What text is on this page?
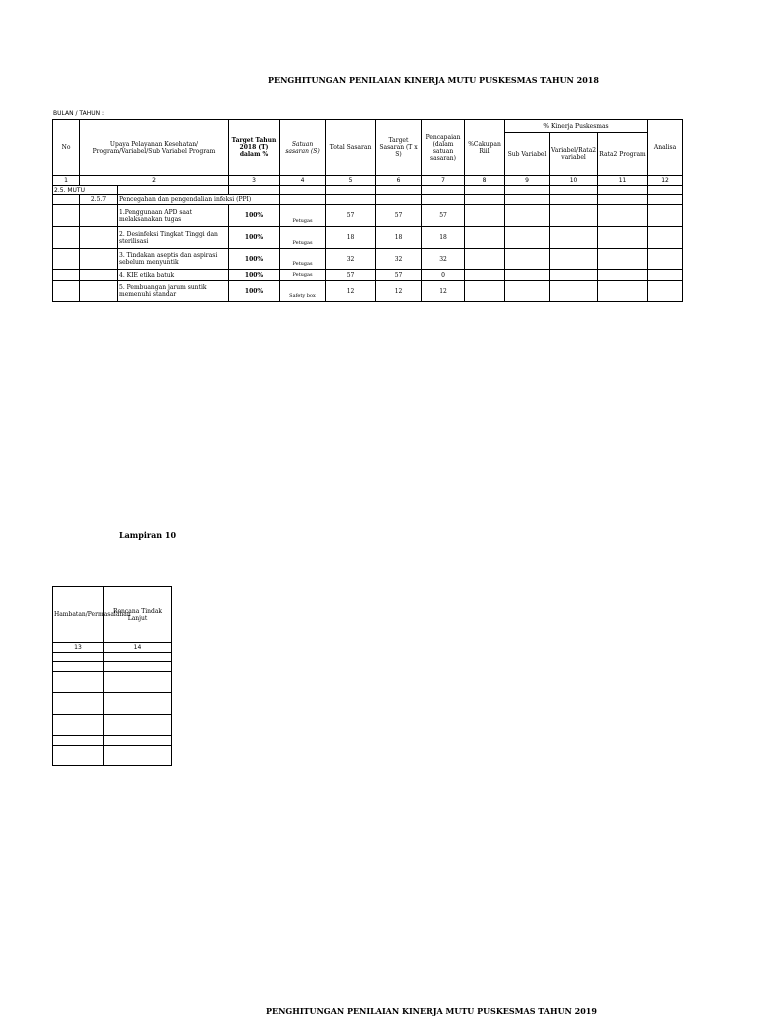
PENGHITUNGAN PENILAIAN KINERJA MUTU PUSKESMAS TAHUN 2018
BULAN / TAHUN :
No	Upaya Pelayanan Kesehatan/ Program/Variabel/Sub Variabel Program		Target Tahun 2018 (T) dalam %	Satuan sasaran (S)	Total Sasaran	Target Sasaran (T x S)	Pencapaian (dalam satuan sasaran)	%Cakupan Riil	% Kinerja Puskesmas			Analisa
									Sub Variabel	Variabel/Rata2 variabel	Rata2 Program	
1	2		3	4	5	6	7	8	9	10	11	12
2.5. MUTU												
	2.5.7	Pencegahan dan pengendalian infeksi (PPI)										
		1.Penggunaan APD saat melaksanakan tugas	100%	Petugas	57	57	57					
		2. Desinfeksi Tingkat Tinggi dan sterilisasi	100%	Petugas	18	18	18					
		3. Tindakan aseptis dan aspirasi sebelum menyuntik	100%	Petugas	32	32	32					
		4. KIE etika batuk	100%	Petugas	57	57	0					
		5. Pembuangan jarum suntik memenuhi standar	100%	Safety box	12	12	12					
Lampiran 10
Hambatan/Permasalahan	Rencana Tindak Lanjut
13	14

PENGHITUNGAN PENILAIAN KINERJA MUTU PUSKESMAS TAHUN 2019
